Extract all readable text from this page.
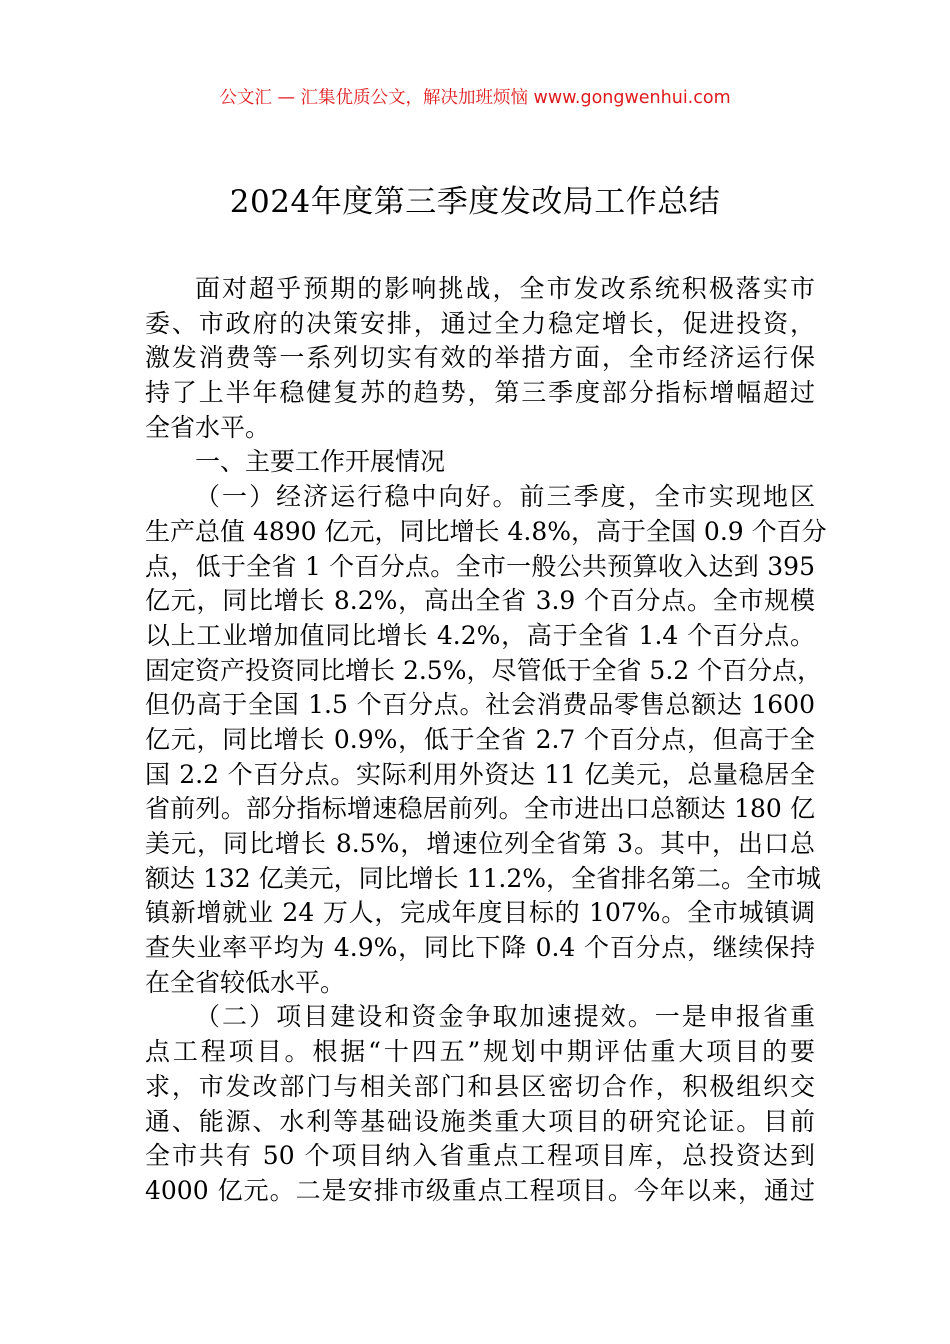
公文汇 — 汇集优质公文，解决加班烦恼 www.gongwenhui.com
2024年度第三季度发改局工作总结
面对超乎预期的影响挑战，全市发改系统积极落实市
委、市政府的决策安排，通过全力稳定增长，促进投资，
激发消费等一系列切实有效的举措方面，全市经济运行保
持了上半年稳健复苏的趋势，第三季度部分指标增幅超过
全省水平。
一、主要工作开展情况
（一）经济运行稳中向好。前三季度，全市实现地区
生产总值 4890 亿元，同比增长 4.8%，高于全国 0.9 个百分
点，低于全省 1 个百分点。全市一般公共预算收入达到 395
亿元，同比增长 8.2%，高出全省 3.9 个百分点。全市规模
以上工业增加值同比增长 4.2%，高于全省 1.4 个百分点。
固定资产投资同比增长 2.5%，尽管低于全省 5.2 个百分点，
但仍高于全国 1.5 个百分点。社会消费品零售总额达 1600
亿元，同比增长 0.9%，低于全省 2.7 个百分点，但高于全
国 2.2 个百分点。实际利用外资达 11 亿美元，总量稳居全
省前列。部分指标增速稳居前列。全市进出口总额达 180 亿
美元，同比增长 8.5%，增速位列全省第 3。其中，出口总
额达 132 亿美元，同比增长 11.2%，全省排名第二。全市城
镇新增就业 24 万人，完成年度目标的 107%。全市城镇调
查失业率平均为 4.9%，同比下降 0.4 个百分点，继续保持
在全省较低水平。
（二）项目建设和资金争取加速提效。一是申报省重
点工程项目。根据“十四五”规划中期评估重大项目的要
求，市发改部门与相关部门和县区密切合作，积极组织交
通、能源、水利等基础设施类重大项目的研究论证。目前
全市共有 50 个项目纳入省重点工程项目库，总投资达到
4000 亿元。二是安排市级重点工程项目。今年以来，通过
